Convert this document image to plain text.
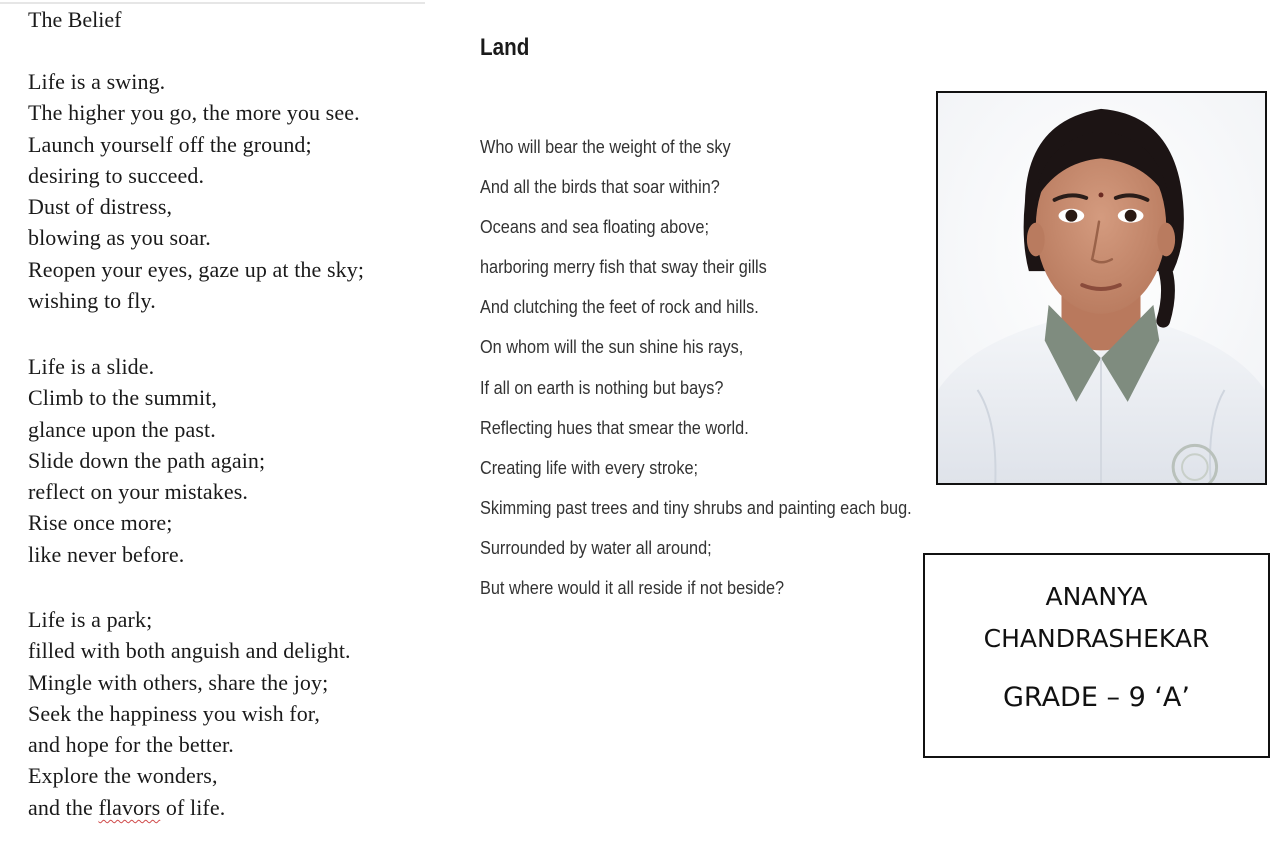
The Belief
Life is a swing.
The higher you go, the more you see.
Launch yourself off the ground;
desiring to succeed.
Dust of distress,
blowing as you soar.
Reopen your eyes, gaze up at the sky;
wishing to fly.
Life is a slide.
Climb to the summit,
glance upon the past.
Slide down the path again;
reflect on your mistakes.
Rise once more;
like never before.
Life is a park;
filled with both anguish and delight.
Mingle with others, share the joy;
Seek the happiness you wish for,
and hope for the better.
Explore the wonders,
and the flavors of life.
Land
Who will bear the weight of the sky
And all the birds that soar within?
Oceans and sea floating above;
harboring merry fish that sway their gills
And clutching the feet of rock and hills.
On whom will the sun shine his rays,
If all on earth is nothing but bays?
Reflecting hues that smear the world.
Creating life with every stroke;
Skimming past trees and tiny shrubs and painting each bug.
Surrounded by water all around;
But where would it all reside if not beside?	ANANYA
CHANDRASHEKAR
GRADE – 9 ‘A’
